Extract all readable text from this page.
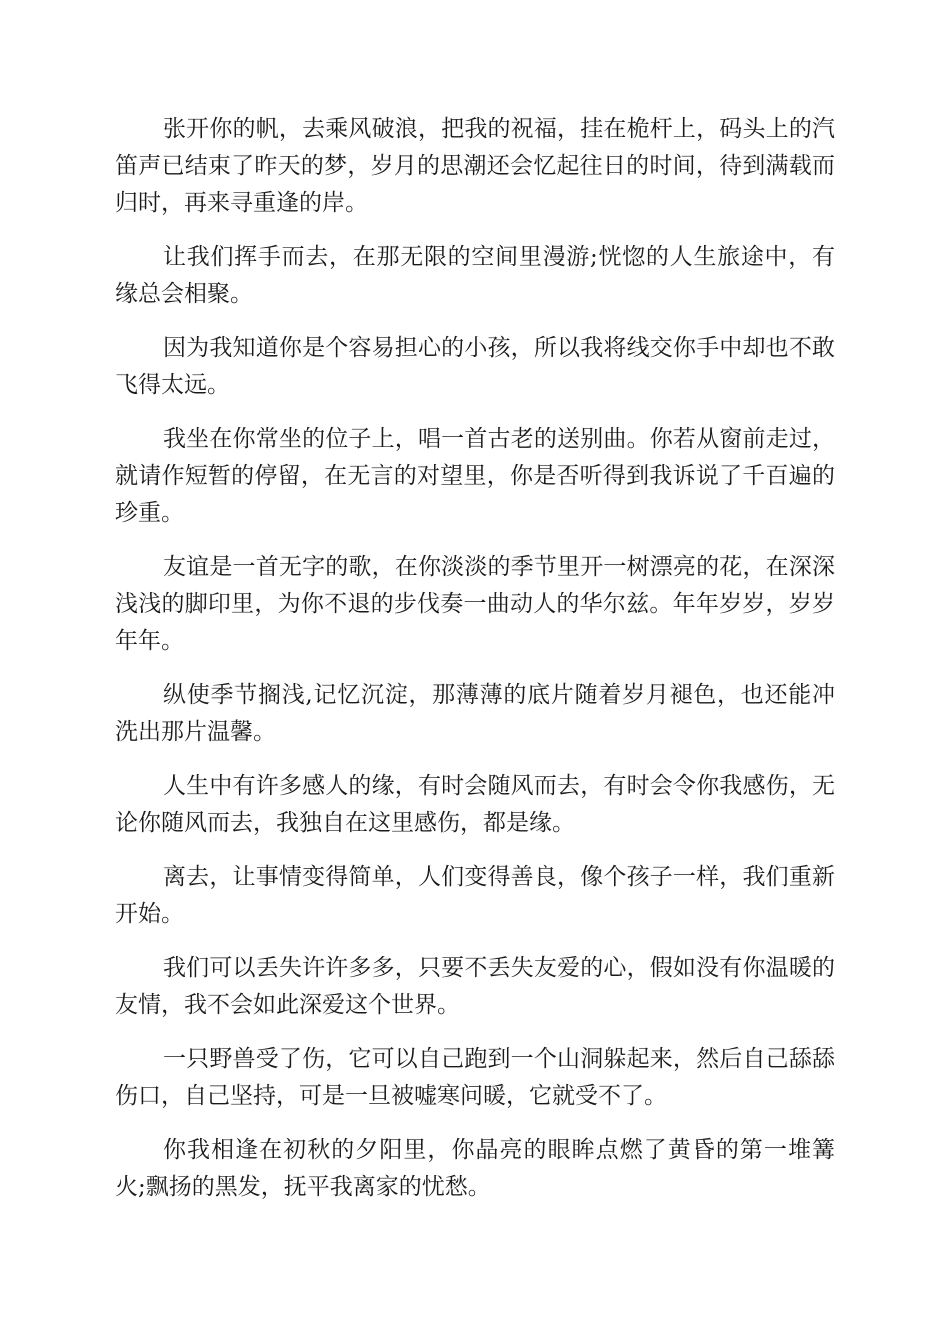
张开你的帆，去乘风破浪，把我的祝福，挂在桅杆上，码头上的汽笛声已结束了昨天的梦，岁月的思潮还会忆起往日的时间，待到满载而归时，再来寻重逢的岸。

让我们挥手而去，在那无限的空间里漫游;恍惚的人生旅途中，有缘总会相聚。

因为我知道你是个容易担心的小孩，所以我将线交你手中却也不敢飞得太远。

我坐在你常坐的位子上，唱一首古老的送别曲。你若从窗前走过，就请作短暂的停留，在无言的对望里，你是否听得到我诉说了千百遍的珍重。

友谊是一首无字的歌，在你淡淡的季节里开一树漂亮的花，在深深浅浅的脚印里，为你不退的步伐奏一曲动人的华尔兹。年年岁岁，岁岁年年。

纵使季节搁浅,记忆沉淀，那薄薄的底片随着岁月褪色，也还能冲洗出那片温馨。

人生中有许多感人的缘，有时会随风而去，有时会令你我感伤，无论你随风而去，我独自在这里感伤，都是缘。

离去，让事情变得简单，人们变得善良，像个孩子一样，我们重新开始。

我们可以丢失许许多多，只要不丢失友爱的心，假如没有你温暖的友情，我不会如此深爱这个世界。

一只野兽受了伤，它可以自己跑到一个山洞躲起来，然后自己舔舔伤口，自己坚持，可是一旦被嘘寒问暖，它就受不了。

你我相逢在初秋的夕阳里，你晶亮的眼眸点燃了黄昏的第一堆篝火;飘扬的黑发，抚平我离家的忧愁。
